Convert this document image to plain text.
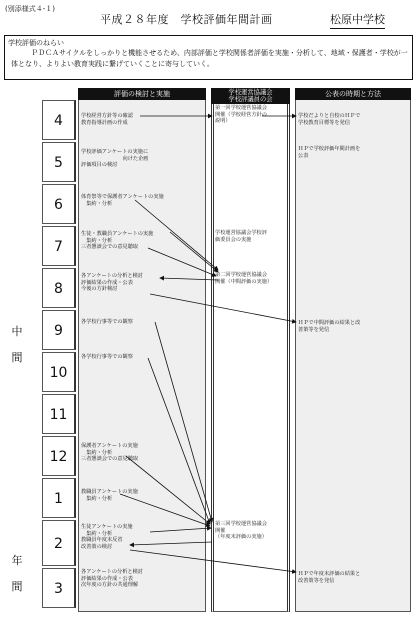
(別添様式４-１)
平成２８年度　学校評価年間計画	松原中学校
学校評価のねらい
ＰＤＣＡサイクルをしっかりと機能させるため、内部評価と学校関係者評価を実施・分析して、地域・保護者・学校が一体となり、よりよい教育実践に繋げていくことに寄与していく。
評価の検討と実施	学校運営協議会
学校評議員の会
公表の時期と方法
中
間
年
間
4
5
6
7
8
9
10
11
12
1
2
3
学校経営方針等の確認
教育指導計画の作成
学校評価アンケートの実施に
　　　　　　　　向けた企画
評価項目の検討
体育祭等で保護者アンケートの実施
　集約・分析
生徒・教職員アンケートの実施
　集約・分析
三者懇談会での意見聴取
各アンケートの分析と検討
評価結果の作成・公表
今後の方針検討
各学校行事等での観察
各学校行事等での観察
保護者アンケートの実施
　集約・分析
三者懇談会での意見聴取
教職員アンケートの実施
　集約・分析
生徒アンケートの実施
　集約・分析
教職員年度末反省
改善策の検討
各アンケートの分析と検討
評価結果の作成・公表
次年度の方針の共通理解
第一回学校運営協議会
開催（学校経営方針の
説明）
学校運営協議会学校評
価委員会の実施
第二回学校運営協議会
開催（中間評価の実施）
第三回学校運営協議会
開催
（年度末評価の実施）
学校だよりと自校のＨＰで
学校教育目標等を発信
ＨＰで学校評価年間計画を
公表
ＨＰで中間評価の結果と改
善策等を発信
ＨＰで年度末評価の結果と
改善策等を発信
